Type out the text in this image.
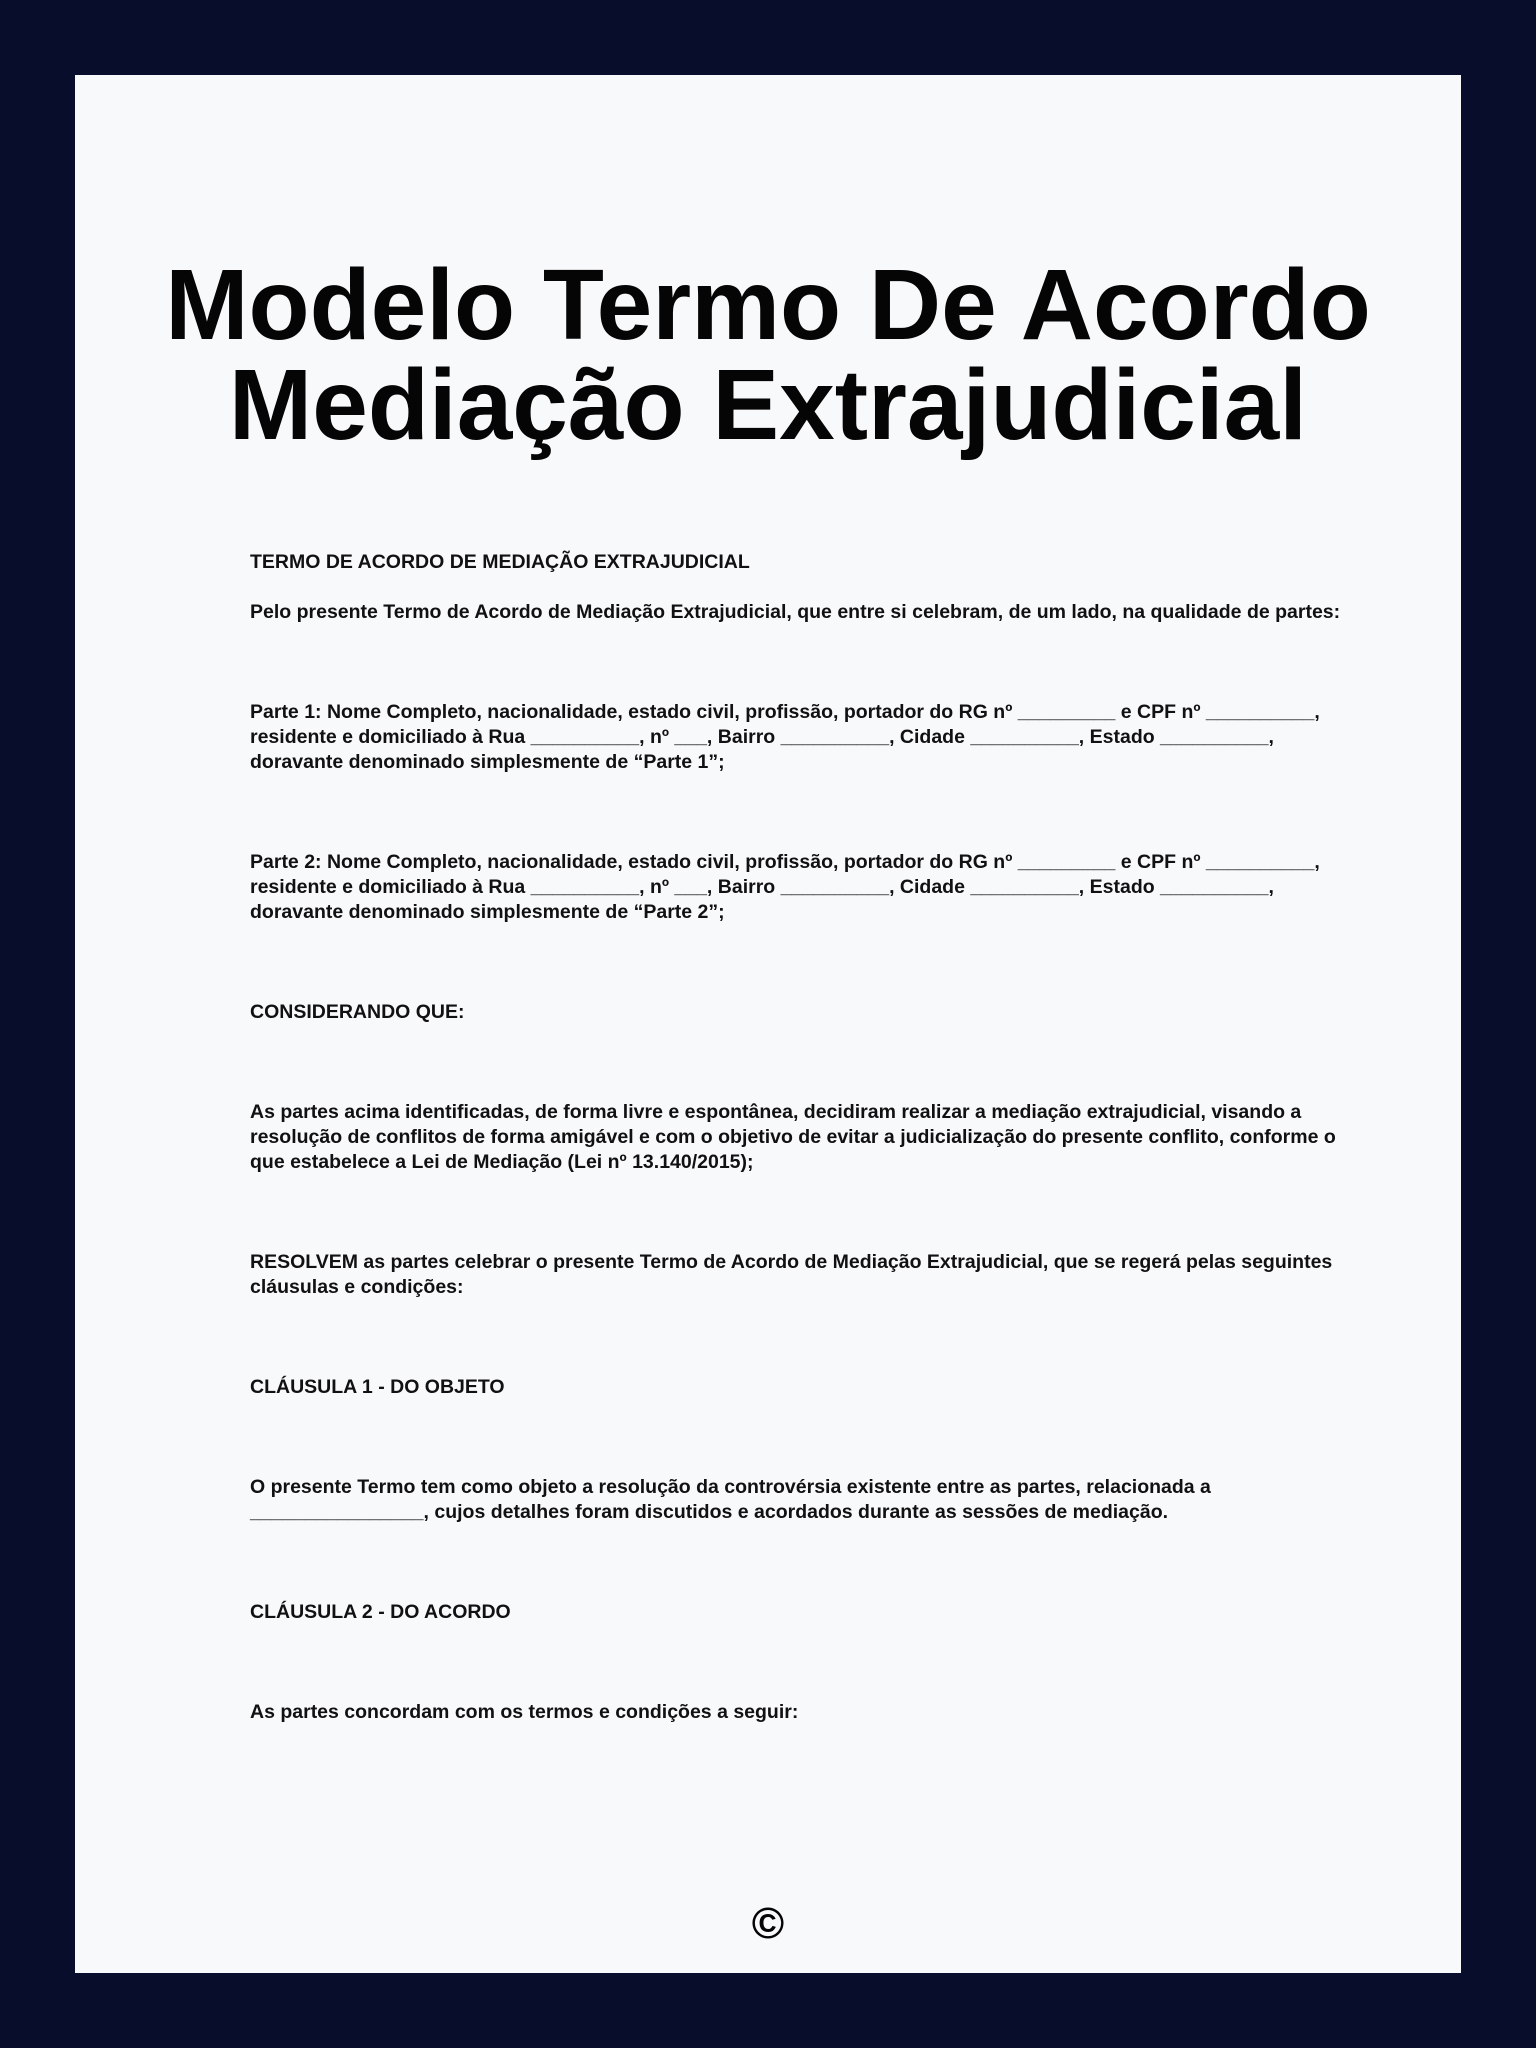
Modelo Termo De Acordo
Mediação Extrajudicial

TERMO DE ACORDO DE MEDIAÇÃO EXTRAJUDICIAL

Pelo presente Termo de Acordo de Mediação Extrajudicial, que entre si celebram, de um lado, na qualidade de partes:

Parte 1: Nome Completo, nacionalidade, estado civil, profissão, portador do RG nº _________ e CPF nº __________, residente e domiciliado à Rua __________, nº ___, Bairro __________, Cidade __________, Estado __________, doravante denominado simplesmente de “Parte 1”;

Parte 2: Nome Completo, nacionalidade, estado civil, profissão, portador do RG nº _________ e CPF nº __________, residente e domiciliado à Rua __________, nº ___, Bairro __________, Cidade __________, Estado __________, doravante denominado simplesmente de “Parte 2”;

CONSIDERANDO QUE:

As partes acima identificadas, de forma livre e espontânea, decidiram realizar a mediação extrajudicial, visando a resolução de conflitos de forma amigável e com o objetivo de evitar a judicialização do presente conflito, conforme o que estabelece a Lei de Mediação (Lei nº 13.140/2015);

RESOLVEM as partes celebrar o presente Termo de Acordo de Mediação Extrajudicial, que se regerá pelas seguintes cláusulas e condições:

CLÁUSULA 1 - DO OBJETO

O presente Termo tem como objeto a resolução da controvérsia existente entre as partes, relacionada a ________________, cujos detalhes foram discutidos e acordados durante as sessões de mediação.

CLÁUSULA 2 - DO ACORDO

As partes concordam com os termos e condições a seguir:

©
